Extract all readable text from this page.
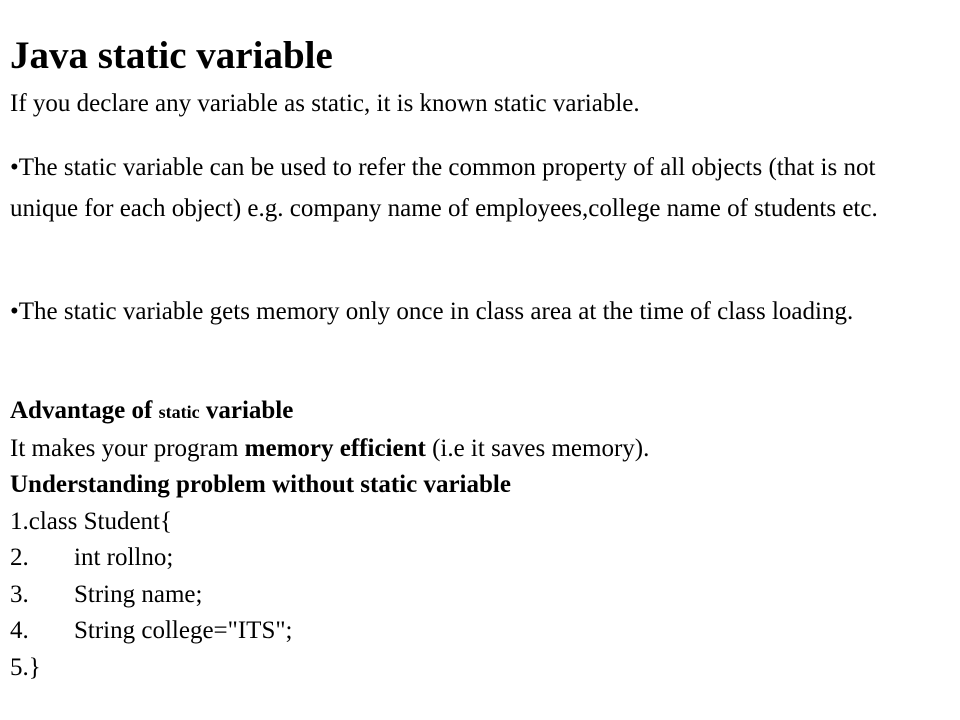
Java static variable
If you declare any variable as static, it is known static variable.
•The static variable can be used to refer the common property of all objects (that is not unique for each object) e.g. company name of employees,college name of students etc.
•The static variable gets memory only once in class area at the time of class loading.
Advantage of static variable
It makes your program memory efficient (i.e it saves memory).
Understanding problem without static variable
1.class Student{
2. int rollno;
3. String name;
4. String college="ITS";
5.}
